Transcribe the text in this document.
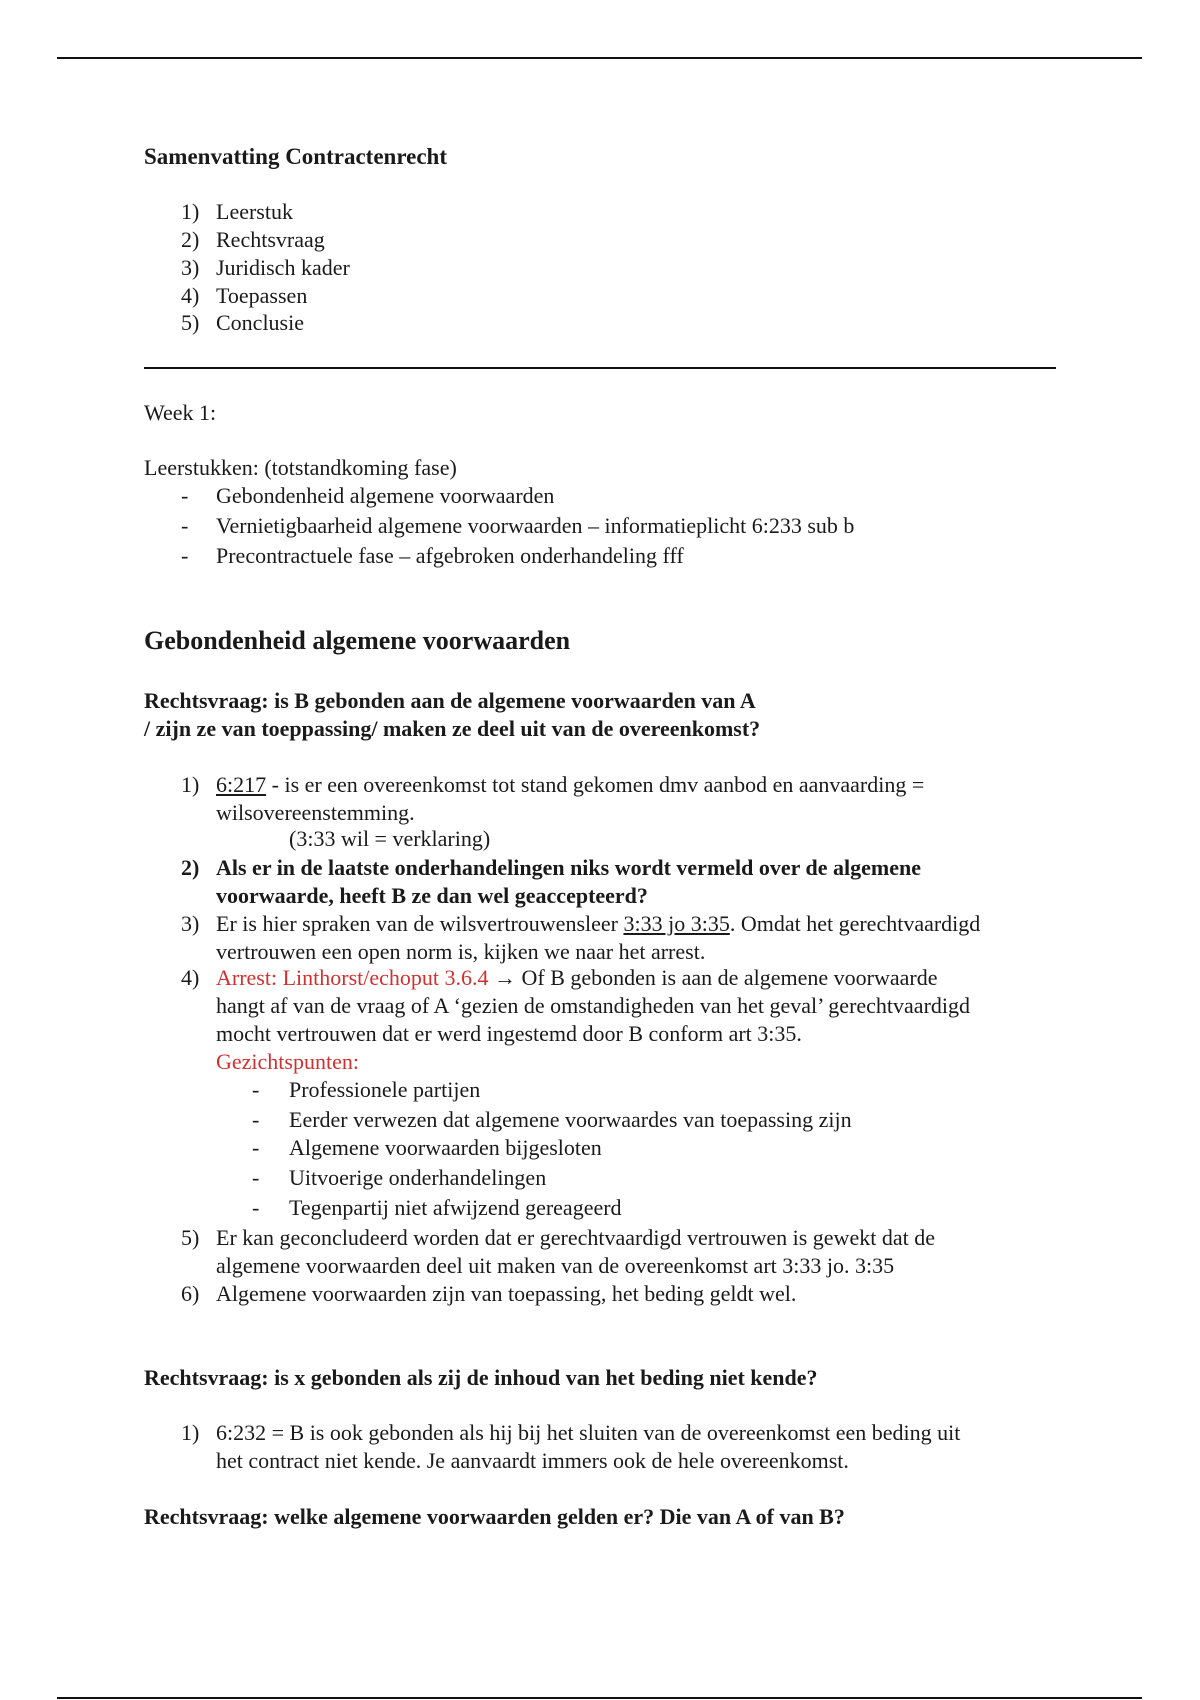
Samenvatting Contractenrecht
1) Leerstuk
2) Rechtsvraag
3) Juridisch kader
4) Toepassen
5) Conclusie
Week 1:
Leerstukken: (totstandkoming fase)
- Gebondenheid algemene voorwaarden
- Vernietigbaarheid algemene voorwaarden – informatieplicht 6:233 sub b
- Precontractuele fase – afgebroken onderhandeling fff
Gebondenheid algemene voorwaarden
Rechtsvraag: is B gebonden aan de algemene voorwaarden van A
/ zijn ze van toeppassing/ maken ze deel uit van de overeenkomst?
1) 6:217 - is er een overeenkomst tot stand gekomen dmv aanbod en aanvaarding =
wilsovereenstemming.
(3:33 wil = verklaring)
2) Als er in de laatste onderhandelingen niks wordt vermeld over de algemene
voorwaarde, heeft B ze dan wel geaccepteerd?
3) Er is hier spraken van de wilsvertrouwensleer 3:33 jo 3:35. Omdat het gerechtvaardigd
vertrouwen een open norm is, kijken we naar het arrest.
4) Arrest: Linthorst/echoput 3.6.4 → Of B gebonden is aan de algemene voorwaarde
hangt af van de vraag of A ‘gezien de omstandigheden van het geval’ gerechtvaardigd
mocht vertrouwen dat er werd ingestemd door B conform art 3:35.
Gezichtspunten:
- Professionele partijen
- Eerder verwezen dat algemene voorwaardes van toepassing zijn
- Algemene voorwaarden bijgesloten
- Uitvoerige onderhandelingen
- Tegenpartij niet afwijzend gereageerd
5) Er kan geconcludeerd worden dat er gerechtvaardigd vertrouwen is gewekt dat de
algemene voorwaarden deel uit maken van de overeenkomst art 3:33 jo. 3:35
6) Algemene voorwaarden zijn van toepassing, het beding geldt wel.
Rechtsvraag: is x gebonden als zij de inhoud van het beding niet kende?
1) 6:232 = B is ook gebonden als hij bij het sluiten van de overeenkomst een beding uit
het contract niet kende. Je aanvaardt immers ook de hele overeenkomst.
Rechtsvraag: welke algemene voorwaarden gelden er? Die van A of van B?
